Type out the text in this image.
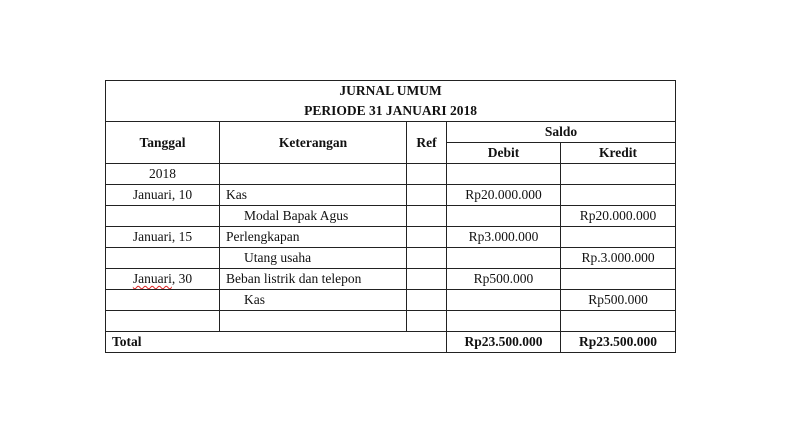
JURNAL UMUM
PERIODE 31 JANUARI 2018				

Tanggal	Keterangan	Ref	Saldo	
			Debit	Kredit
2018				
Januari, 10	Kas		Rp20.000.000	
	Modal Bapak Agus			Rp20.000.000
Januari, 15	Perlengkapan		Rp3.000.000	
	Utang usaha			Rp.3.000.000
Januari, 30	Beban listrik dan telepon		Rp500.000	
	Kas			Rp500.000

Total			Rp23.500.000	Rp23.500.000
